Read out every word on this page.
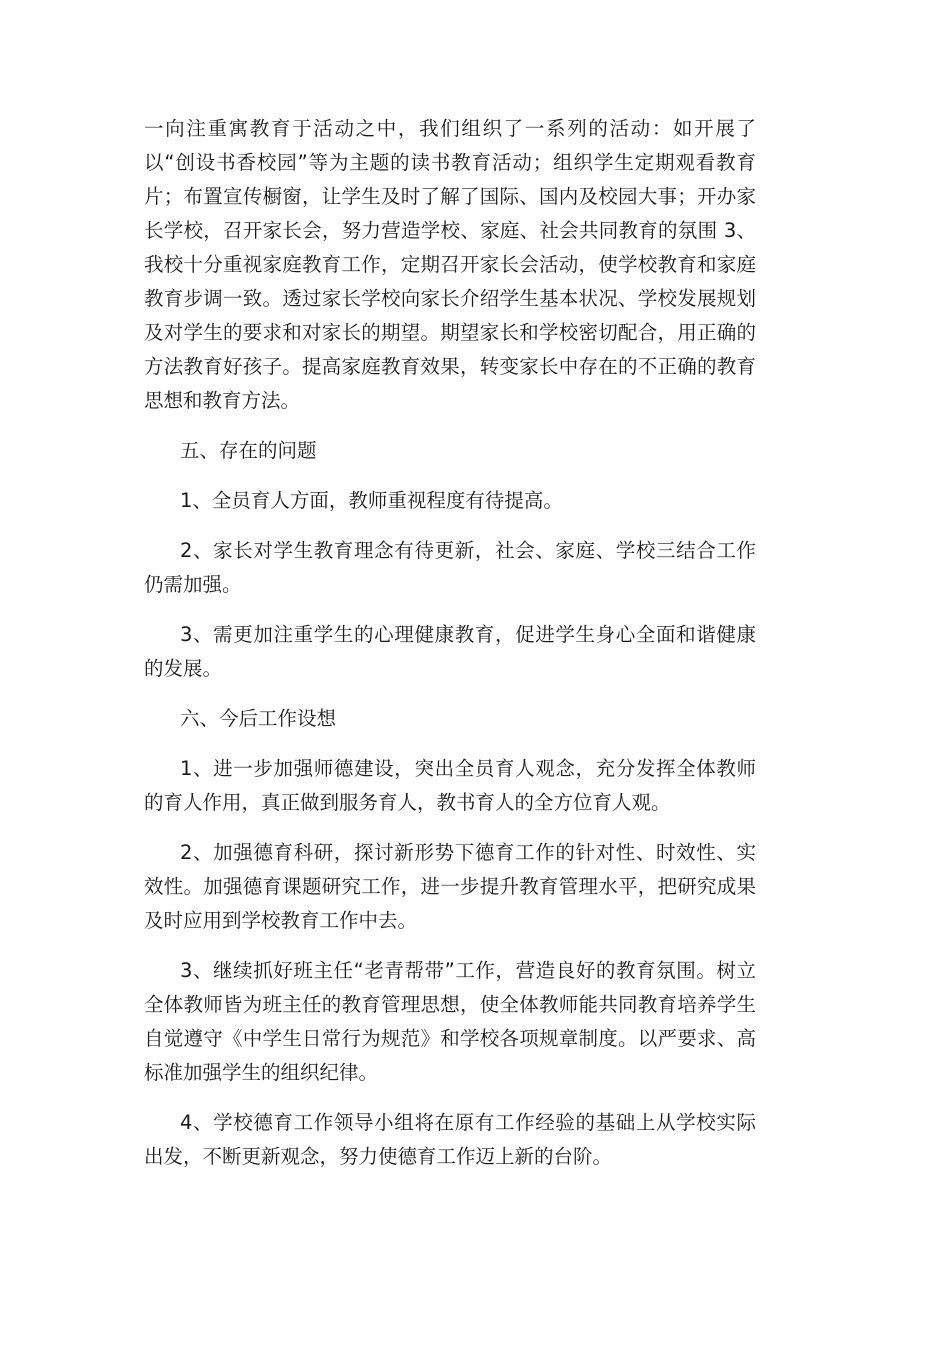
一向注重寓教育于活动之中，我们组织了一系列的活动：如开展了以“创设书香校园”等为主题的读书教育活动；组织学生定期观看教育片；布置宣传橱窗，让学生及时了解了国际、国内及校园大事；开办家长学校，召开家长会，努力营造学校、家庭、社会共同教育的氛围 3、我校十分重视家庭教育工作，定期召开家长会活动，使学校教育和家庭教育步调一致。透过家长学校向家长介绍学生基本状况、学校发展规划及对学生的要求和对家长的期望。期望家长和学校密切配合，用正确的方法教育好孩子。提高家庭教育效果，转变家长中存在的不正确的教育思想和教育方法。

五、存在的问题

1、全员育人方面，教师重视程度有待提高。

2、家长对学生教育理念有待更新，社会、家庭、学校三结合工作仍需加强。

3、需更加注重学生的心理健康教育，促进学生身心全面和谐健康的发展。

六、今后工作设想

1、进一步加强师德建设，突出全员育人观念，充分发挥全体教师的育人作用，真正做到服务育人，教书育人的全方位育人观。

2、加强德育科研，探讨新形势下德育工作的针对性、时效性、实效性。加强德育课题研究工作，进一步提升教育管理水平，把研究成果及时应用到学校教育工作中去。

3、继续抓好班主任“老青帮带”工作，营造良好的教育氛围。树立全体教师皆为班主任的教育管理思想，使全体教师能共同教育培养学生自觉遵守《中学生日常行为规范》和学校各项规章制度。以严要求、高标准加强学生的组织纪律。

4、学校德育工作领导小组将在原有工作经验的基础上从学校实际出发，不断更新观念，努力使德育工作迈上新的台阶。
